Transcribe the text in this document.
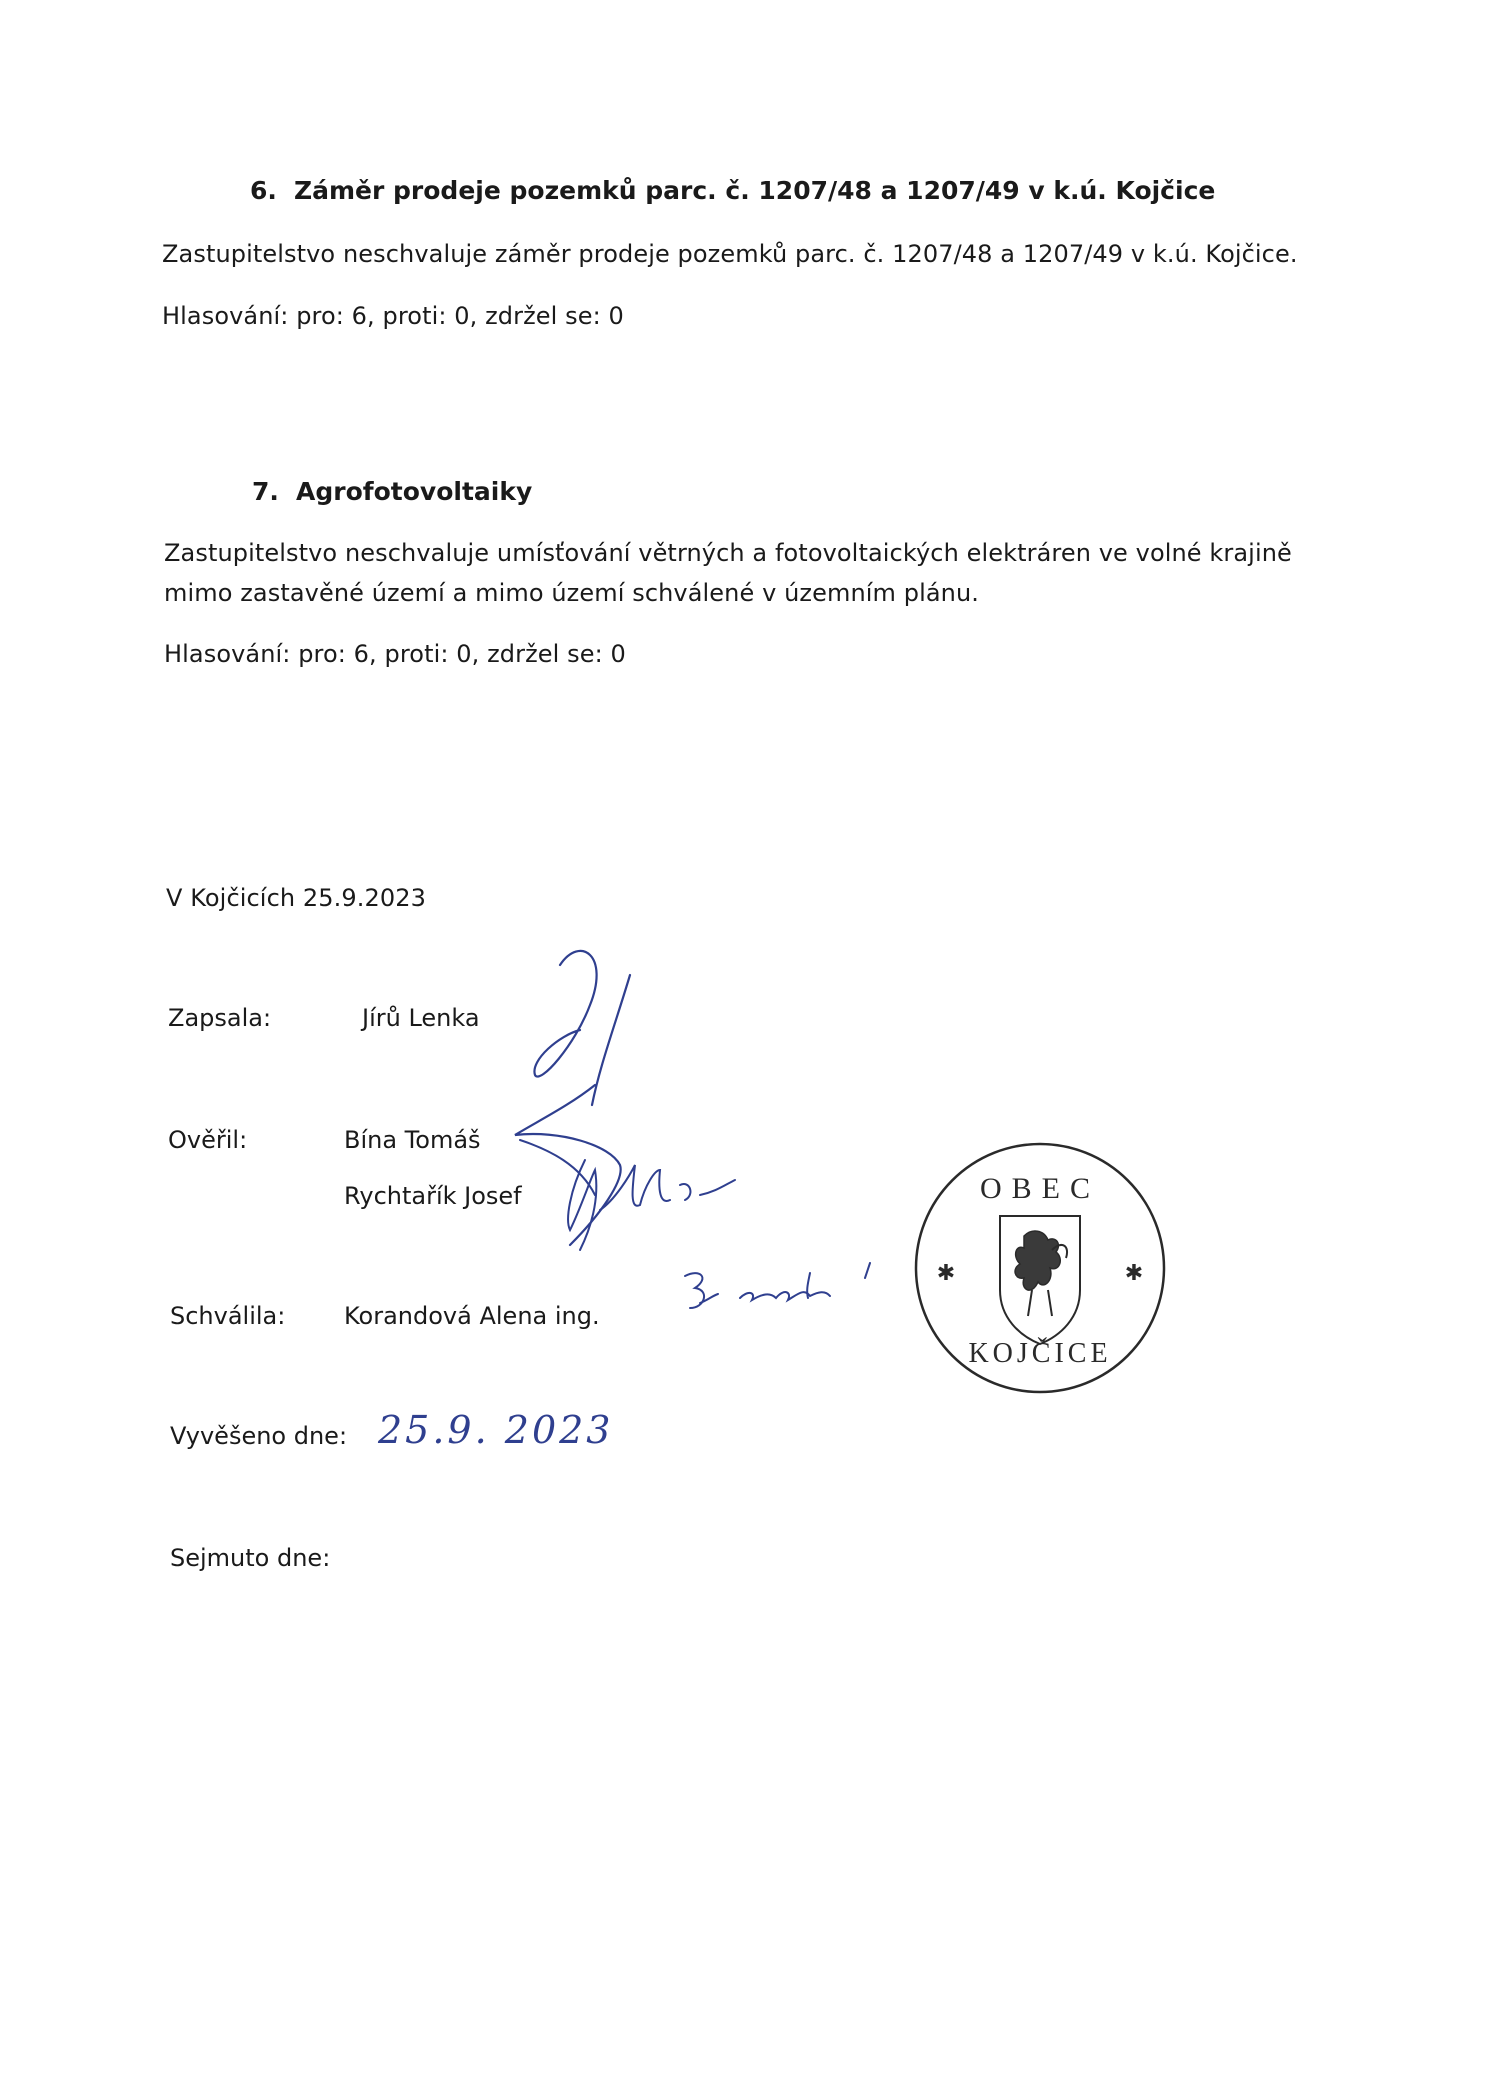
6. Záměr prodeje pozemků parc. č. 1207/48 a 1207/49 v k.ú. Kojčice
Zastupitelstvo neschvaluje záměr prodeje pozemků parc. č. 1207/48 a 1207/49 v k.ú. Kojčice.
Hlasování: pro: 6, proti: 0, zdržel se: 0
7. Agrofotovoltaiky
Zastupitelstvo neschvaluje umísťování větrných a fotovoltaických elektráren ve volné krajině
mimo zastavěné území a mimo území schválené v územním plánu.
Hlasování: pro: 6, proti: 0, zdržel se: 0
V Kojčicích 25.9.2023
Zapsala:	Jírů Lenka
Ověřil:	Bína Tomáš
Rychtařík Josef
Schválila: Korandová Alena ing.
Vyvěšeno dne: 25.9. 2023
Sejmuto dne:
OBEC
KOJČICE
✱	✱
